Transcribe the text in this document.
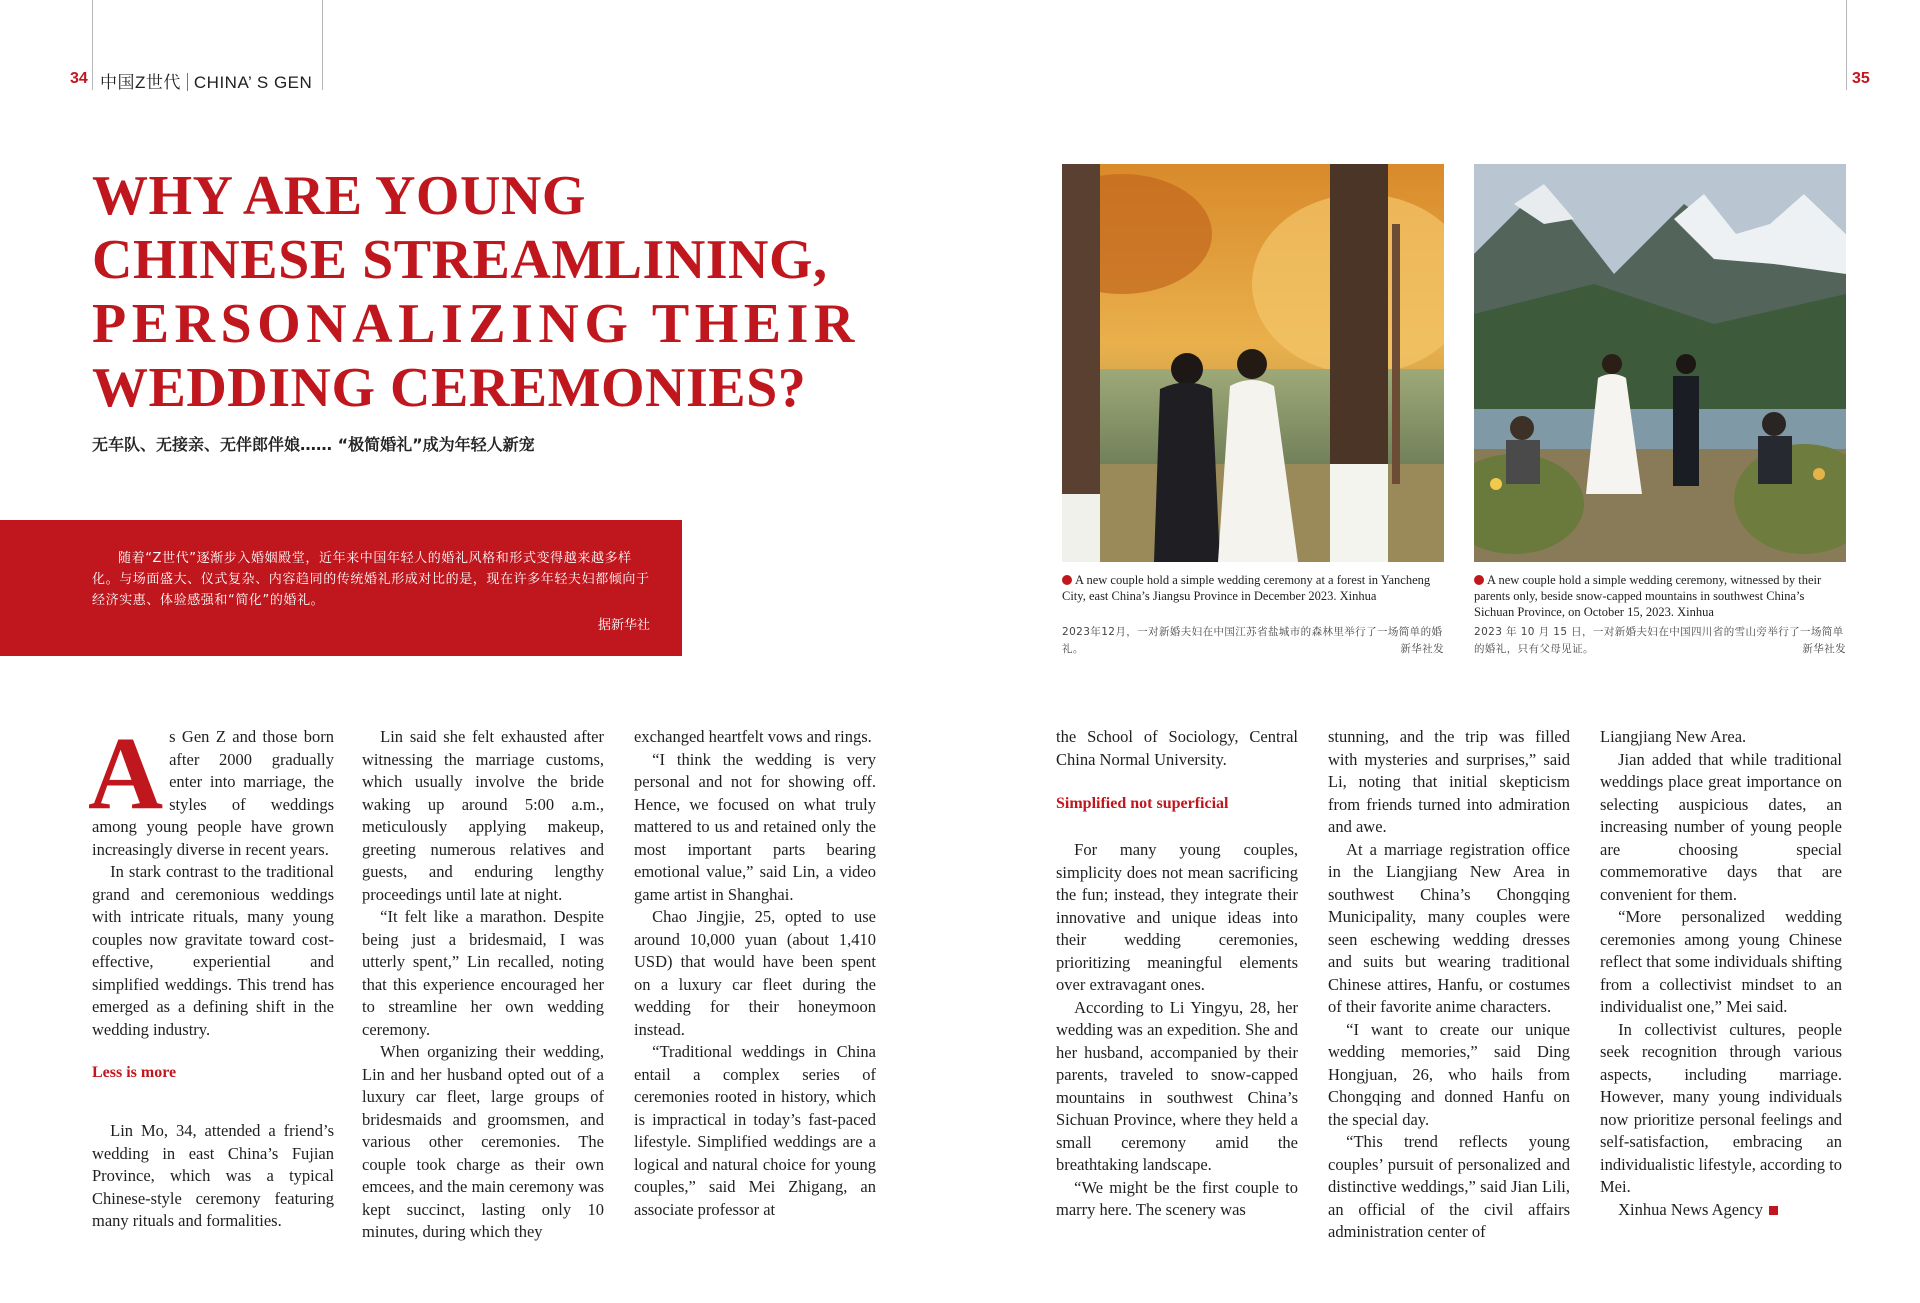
34 中国Z世代 CHINA’ S GEN	35
WHY ARE YOUNG
CHINESE STREAMLINING,
PERSONALIZING THEIR
WEDDING CEREMONIES?
无车队、无接亲、无伴郎伴娘…… “极简婚礼”成为年轻人新宠

随着“Z世代”逐渐步入婚姻殿堂，近年来中国年轻人的婚礼风格和形式变得越来越多样化。与场面盛大、仪式复杂、内容趋同的传统婚礼形成对比的是，现在许多年轻夫妇都倾向于经济实惠、体验感强和“简化”的婚礼。

据新华社

A new couple hold a simple wedding ceremony at a forest in Yancheng City, east China’s Jiangsu Province in December 2023. Xinhua

2023年12月，一对新婚夫妇在中国江苏省盐城市的森林里举行了一场简单的婚礼。	新华社发

A new couple hold a simple wedding ceremony, witnessed by their parents only, beside snow-capped mountains in southwest China’s Sichuan Province, on October 15, 2023. Xinhua

2023 年 10 月 15 日，一对新婚夫妇在中国四川省的雪山旁举行了一场简单的婚礼，只有父母见证。	新华社发

As Gen Z and those born after 2000 gradually enter into marriage, the styles of weddings among young people have grown increasingly diverse in recent years.

In stark contrast to the traditional grand and ceremonious weddings with intricate rituals, many young couples now gravitate toward cost-effective, experiential and simplified weddings. This trend has emerged as a defining shift in the wedding industry.

Less is more

Lin Mo, 34, attended a friend’s wedding in east China’s Fujian Province, which was a typical Chinese-style ceremony featuring many rituals and formalities.

Lin said she felt exhausted after witnessing the marriage customs, which usually involve the bride waking up around 5:00 a.m., meticulously applying makeup, greeting numerous relatives and guests, and enduring lengthy proceedings until late at night.

“It felt like a marathon. Despite being just a bridesmaid, I was utterly spent,” Lin recalled, noting that this experience encouraged her to streamline her own wedding ceremony.

When organizing their wedding, Lin and her husband opted out of a luxury car fleet, large groups of bridesmaids and groomsmen, and various other ceremonies. The couple took charge as their own emcees, and the main ceremony was kept succinct, lasting only 10 minutes, during which they

exchanged heartfelt vows and rings.

“I think the wedding is very personal and not for showing off. Hence, we focused on what truly mattered to us and retained only the most important parts bearing emotional value,” said Lin, a video game artist in Shanghai.

Chao Jingjie, 25, opted to use around 10,000 yuan (about 1,410 USD) that would have been spent on a luxury car fleet during the wedding for their honeymoon instead.

“Traditional weddings in China entail a complex series of ceremonies rooted in history, which is impractical in today’s fast-paced lifestyle. Simplified weddings are a logical and natural choice for young couples,” said Mei Zhigang, an associate professor at

the School of Sociology, Central China Normal University.

Simplified not superficial

For many young couples, simplicity does not mean sacrificing the fun; instead, they integrate their innovative and unique ideas into their wedding ceremonies, prioritizing meaningful elements over extravagant ones.

According to Li Yingyu, 28, her wedding was an expedition. She and her husband, accompanied by their parents, traveled to snow-capped mountains in southwest China’s Sichuan Province, where they held a small ceremony amid the breathtaking landscape.

“We might be the first couple to marry here. The scenery was

stunning, and the trip was filled with mysteries and surprises,” said Li, noting that initial skepticism from friends turned into admiration and awe.

At a marriage registration office in the Liangjiang New Area in southwest China’s Chongqing Municipality, many couples were seen eschewing wedding dresses and suits but wearing traditional Chinese attires, Hanfu, or costumes of their favorite anime characters.

“I want to create our unique wedding memories,” said Ding Hongjuan, 26, who hails from Chongqing and donned Hanfu on the special day.

“This trend reflects young couples’ pursuit of personalized and distinctive weddings,” said Jian Lili, an official of the civil affairs administration center of

Liangjiang New Area.

Jian added that while traditional weddings place great importance on selecting auspicious dates, an increasing number of young people are choosing special commemorative days that are convenient for them.

“More personalized wedding ceremonies among young Chinese reflect that some individuals shifting from a collectivist mindset to an individualist one,” Mei said.

In collectivist cultures, people seek recognition through various aspects, including marriage. However, many young individuals now prioritize personal feelings and self-satisfaction, embracing an individualistic lifestyle, according to Mei.

Xinhua News Agency
